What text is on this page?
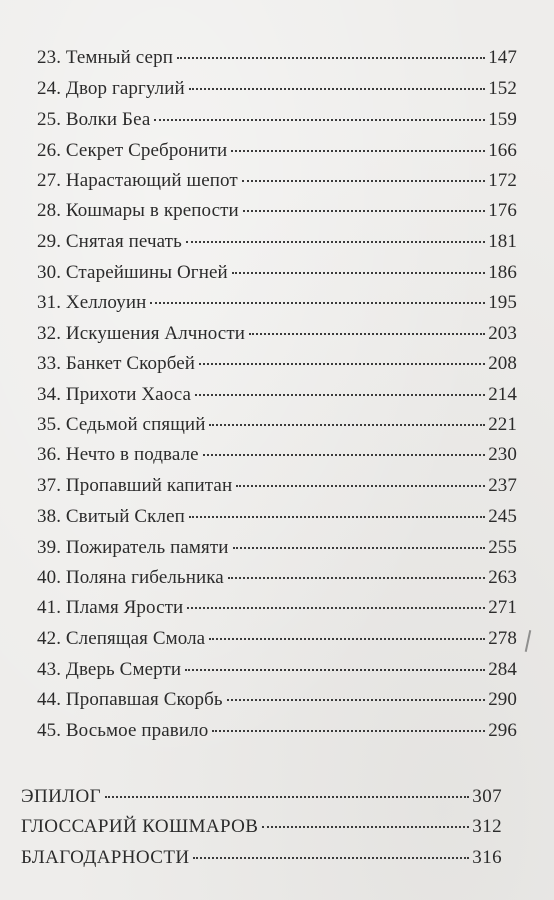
23. Темный серп	147
24. Двор гаргулий	152
25. Волки Беа	159
26. Секрет Сребронити	166
27. Нарастающий шепот	172
28. Кошмары в крепости	176
29. Снятая печать	181
30. Старейшины Огней	186
31. Хеллоуин	195
32. Искушения Алчности	203
33. Банкет Скорбей	208
34. Прихоти Хаоса	214
35. Седьмой спящий	221
36. Нечто в подвале	230
37. Пропавший капитан	237
38. Свитый Склеп	245
39. Пожиратель памяти	255
40. Поляна гибельника	263
41. Пламя Ярости	271
42. Слепящая Смола	278
43. Дверь Смерти	284
44. Пропавшая Скорбь	290
45. Восьмое правило	296
ЭПИЛОГ	307
ГЛОССАРИЙ КОШМАРОВ	312
БЛАГОДАРНОСТИ	316
